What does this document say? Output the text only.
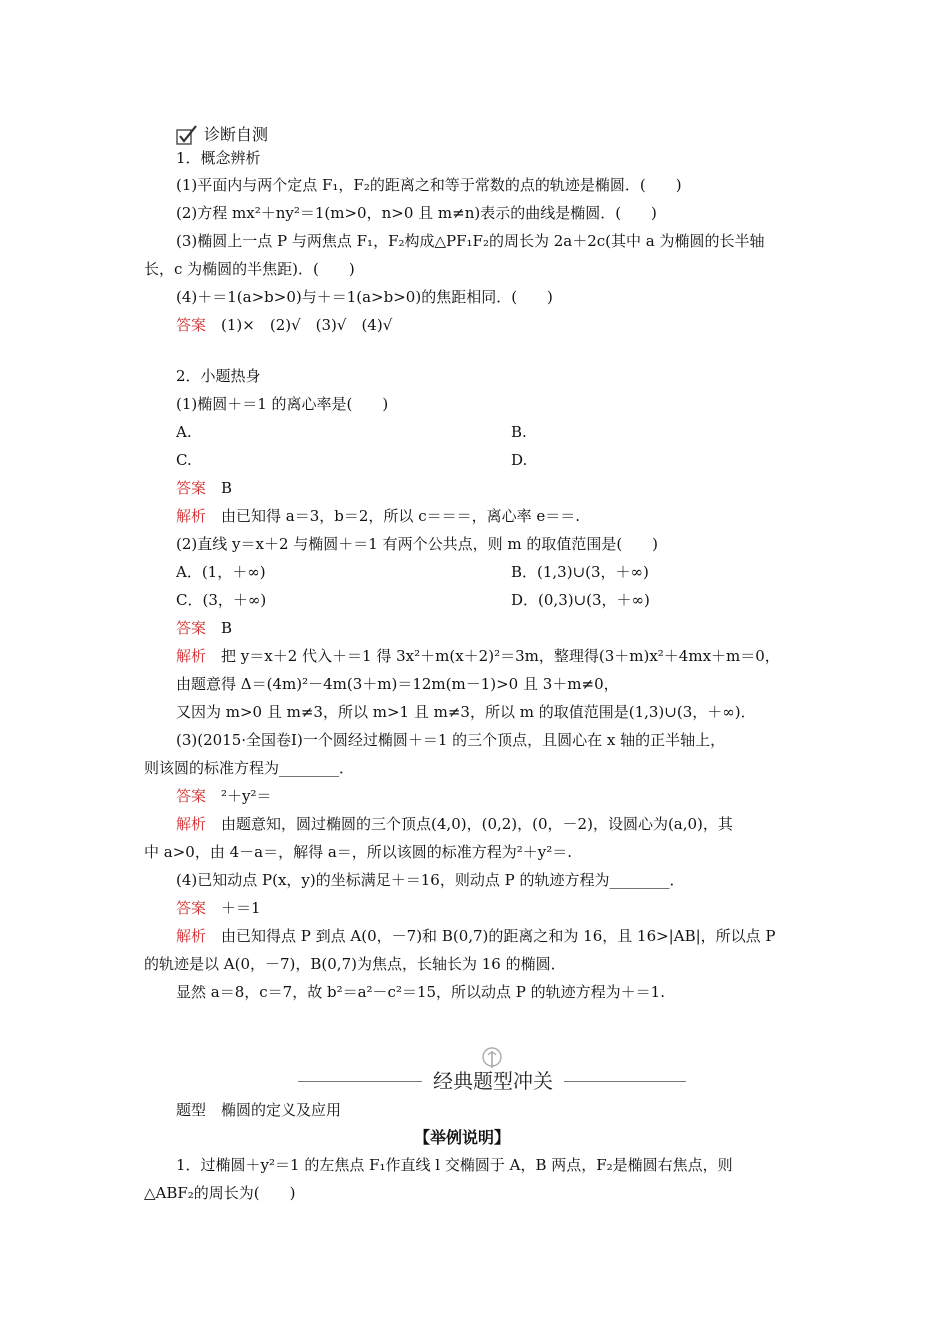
诊断自测
1．概念辨析
(1)平面内与两个定点 F₁，F₂的距离之和等于常数的点的轨迹是椭圆．(　　)
(2)方程 mx²＋ny²＝1(m>0，n>0 且 m≠n)表示的曲线是椭圆．(　　)
(3)椭圆上一点 P 与两焦点 F₁，F₂构成△PF₁F₂的周长为 2a＋2c(其中 a 为椭圆的长半轴
长，c 为椭圆的半焦距)．(　　)
(4)＋＝1(a>b>0)与＋＝1(a>b>0)的焦距相同．(　　)
答案　 (1)×　(2)√　(3)√　(4)√
2．小题热身
(1)椭圆＋＝1 的离心率是(　　)
A.	B.
C.	D.
答案　 B
解析　 由已知得 a＝3，b＝2，所以 c＝＝＝，离心率 e＝＝.
(2)直线 y＝x＋2 与椭圆＋＝1 有两个公共点，则 m 的取值范围是(　　)
A．(1，＋∞)	B．(1,3)∪(3，＋∞)
C．(3，＋∞)	D．(0,3)∪(3，＋∞)
答案　 B
解析　 把 y＝x＋2 代入＋＝1 得 3x²＋m(x＋2)²＝3m，整理得(3＋m)x²＋4mx＋m＝0，
由题意得 Δ＝(4m)²－4m(3＋m)＝12m(m－1)>0 且 3＋m≠0，
又因为 m>0 且 m≠3，所以 m>1 且 m≠3，所以 m 的取值范围是(1,3)∪(3，＋∞)．
(3)(2015·全国卷Ⅰ)一个圆经过椭圆＋＝1 的三个顶点，且圆心在 x 轴的正半轴上，
则该圆的标准方程为________．
答案　 ²＋y²＝
解析　 由题意知，圆过椭圆的三个顶点(4,0)，(0,2)，(0，－2)，设圆心为(a,0)，其
中 a>0，由 4－a＝，解得 a＝，所以该圆的标准方程为²＋y²＝.
(4)已知动点 P(x，y)的坐标满足＋＝16，则动点 P 的轨迹方程为________．
答案　 ＋＝1
解析　 由已知得点 P 到点 A(0，－7)和 B(0,7)的距离之和为 16，且 16>|AB|，所以点 P
的轨迹是以 A(0，－7)，B(0,7)为焦点，长轴长为 16 的椭圆．
显然 a＝8，c＝7，故 b²＝a²－c²＝15，所以动点 P 的轨迹方程为＋＝1.
经典题型冲关
题型　椭圆的定义及应用
【举例说明】
1．过椭圆＋y²＝1 的左焦点 F₁作直线 l 交椭圆于 A，B 两点，F₂是椭圆右焦点，则
△ABF₂的周长为(　　)
